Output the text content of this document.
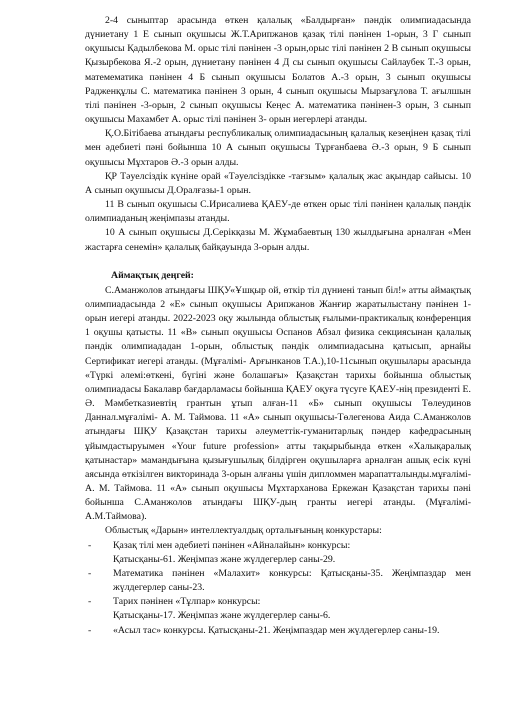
2-4 сыныптар арасында өткен қалалық «Балдырған» пәндік олимпиадасында дүниетану 1 Е сынып оқушысы Ж.Т.Арипжанов қазақ тілі пәнінен 1-орын, 3 Г сынып оқушысы Қадылбекова М. орыс тілі пәнінен -3 орын,орыс тілі пәнінен 2 В сынып оқушысы Қызырбекова Я.-2 орын, дүниетану пәнінен 4 Д сы сынып оқушысы Сайлаубек Т.-3 орын, матемематика пәнінен 4 Б сынып оқушысы Болатов А.-3 орын, 3 сынып оқушысы Радженқұлы С. математика пәнінен 3 орын, 4 сынып оқушысы Мырзағұлова Т. ағылшын тілі пәнінен -3-орын, 2 сынып оқушысы Кеңес А. математика пәнінен-3 орын, 3 сынып оқушысы Махамбет А. орыс тілі пәнінен 3- орын иегерлері атанды.

Қ.О.Бітібаева атындағы республикалық олимпиадасының қалалық кезеңінен қазақ тілі мен әдебиеті пәні бойынша 10 А сынып оқушысы Тұрғанбаева Ә.-3 орын, 9 Б сынып оқушысы Мұхтаров Ә.-3 орын алды.

ҚР Тәуелсіздік күніне орай «Тәуелсіздікке -тағзым» қалалық жас ақындар сайысы. 10 А сынып оқушысы Д.Оралғазы-1 орын.

11 В сынып оқушысы С.Ирисалиева ҚАЕУ-де өткен орыс тілі пәнінен қалалық пәндік олимпиаданың жеңімпазы атанды.

10 А сынып оқушысы Д.Серікқазы М. Жұмабаевтың 130 жылдығына арналған «Мен жастарға сенемін» қалалық байқауында 3-орын алды.

Аймақтық деңгей:

С.Аманжолов атындағы ШҚУ«Ұшқыр ой, өткір тіл дүниені танып біл!» атты аймақтық олимпиадасында 2 «Е» сынып оқушысы Арипжанов Жанғир жаратылыстану пәнінен 1-орын иегері атанды. 2022-2023 оқу жылында облыстық ғылыми-практикалық конференция 1 оқушы қатысты. 11 «В» сынып оқушысы Оспанов Абзал физика секциясынан қалалық пәндік олимпиададан 1-орын, облыстық пәндік олимпиадасына қатысып, арнайы Сертификат иегері атанды. (Мұғалімі- Арғынканов Т.А.),10-11сынып оқушылары арасында «Түркі әлемі:өткені, бүгіні және болашағы» Қазақстан тарихы бойынша облыстық олимпиадасы Бакалавр бағдарламасы бойынша ҚАЕУ оқуға түсуге ҚАЕУ-нің президенті Е. Ә. Мәмбетказиевтің грантын ұтып алған-11 «Б» сынып оқушысы Төлеудинов Даннал.мұғалімі- А. М. Таймова. 11 «А» сынып оқушысы-Төлегенова Аида С.Аманжолов атындағы ШҚУ Қазақстан тарихы әлеуметтік-гуманитарлық пәндер кафедрасының ұйымдастыруымен «Your future profession» атты тақырыбында өткен «Халықаралық қатынастар» мамандығына қызығушылық білдірген оқушыларға арналған ашық есік күні аясында өткізілген викторинада 3-орын алғаны үшін дипломмен марапатталынды.мұғалімі-А. М. Таймова. 11 «А» сынып оқушысы Мұхтарханова Еркежан Қазақстан тарихы пәні бойынша С.Аманжолов атындағы ШҚУ-дың гранты иегері атанды. (Мұғалімі-А.М.Таймова).

Облыстық «Дарын» интеллектуалдық орталығының конкурстары:

- Қазақ тілі мен әдебиеті пәнінен «Айналайын» конкурсы:
Қатысқаны-61. Жеңімпаз және жүлдегерлер саны-29.
- Математика пәнінен «Малахит» конкурсы: Қатысқаны-35. Жеңімпаздар мен жүлдегерлер саны-23.
- Тарих пәнінен «Тұлпар» конкурсы:
Қатысқаны-17. Жеңімпаз және жүлдегерлер саны-6.
- «Асыл тас» конкурсы. Қатысқаны-21. Жеңімпаздар мен жүлдегерлер саны-19.
